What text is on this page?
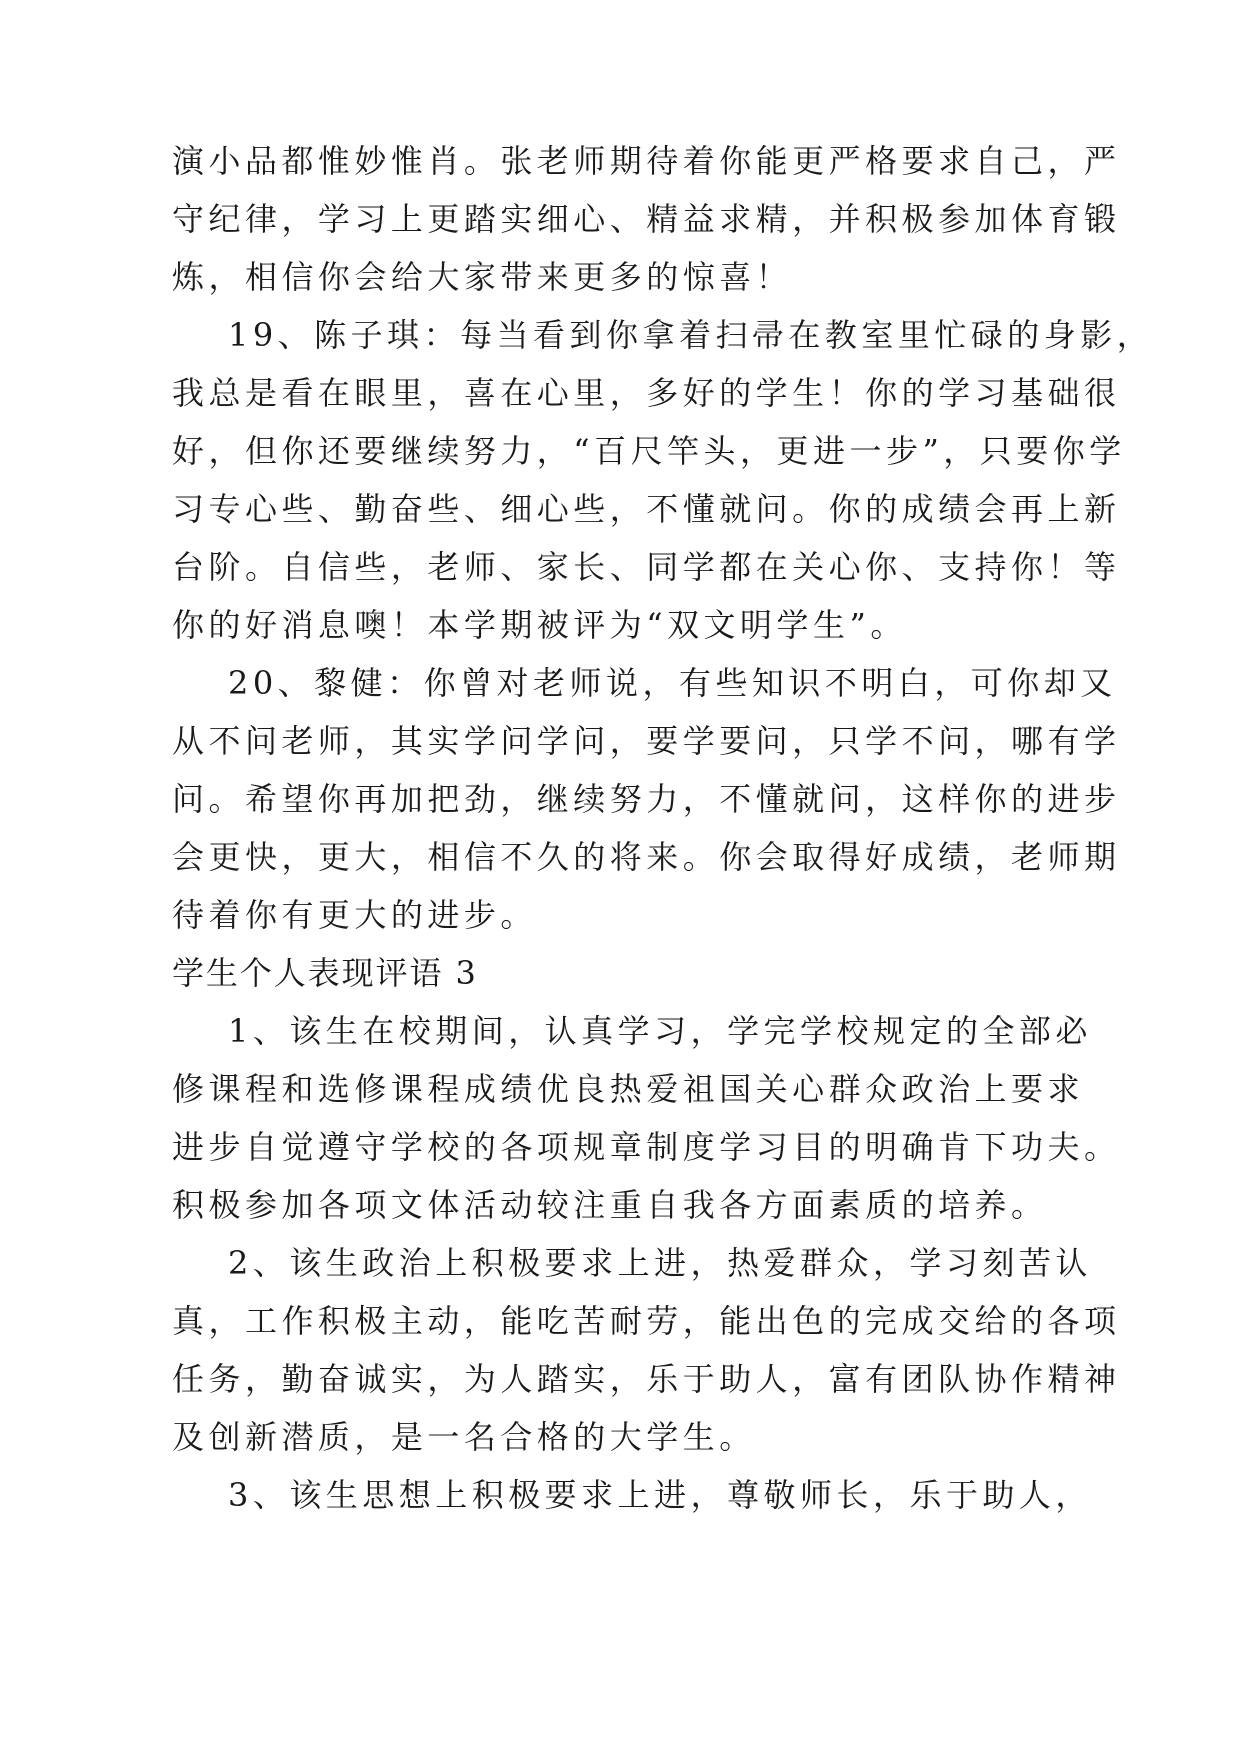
演小品都惟妙惟肖。张老师期待着你能更严格要求自己，严
守纪律，学习上更踏实细心、精益求精，并积极参加体育锻
炼，相信你会给大家带来更多的惊喜！
19、陈子琪：每当看到你拿着扫帚在教室里忙碌的身影，
我总是看在眼里，喜在心里，多好的学生！你的学习基础很
好，但你还要继续努力，“百尺竿头，更进一步”，只要你学
习专心些、勤奋些、细心些，不懂就问。你的成绩会再上新
台阶。自信些，老师、家长、同学都在关心你、支持你！等
你的好消息噢！本学期被评为“双文明学生”。
20、黎健：你曾对老师说，有些知识不明白，可你却又
从不问老师，其实学问学问，要学要问，只学不问，哪有学
问。希望你再加把劲，继续努力，不懂就问，这样你的进步
会更快，更大，相信不久的将来。你会取得好成绩，老师期
待着你有更大的进步。
学生个人表现评语 3
1、该生在校期间，认真学习，学完学校规定的全部必
修课程和选修课程成绩优良热爱祖国关心群众政治上要求
进步自觉遵守学校的各项规章制度学习目的明确肯下功夫。
积极参加各项文体活动较注重自我各方面素质的培养。
2、该生政治上积极要求上进，热爱群众，学习刻苦认
真，工作积极主动，能吃苦耐劳，能出色的完成交给的各项
任务，勤奋诚实，为人踏实，乐于助人，富有团队协作精神
及创新潜质，是一名合格的大学生。
3、该生思想上积极要求上进，尊敬师长，乐于助人，
